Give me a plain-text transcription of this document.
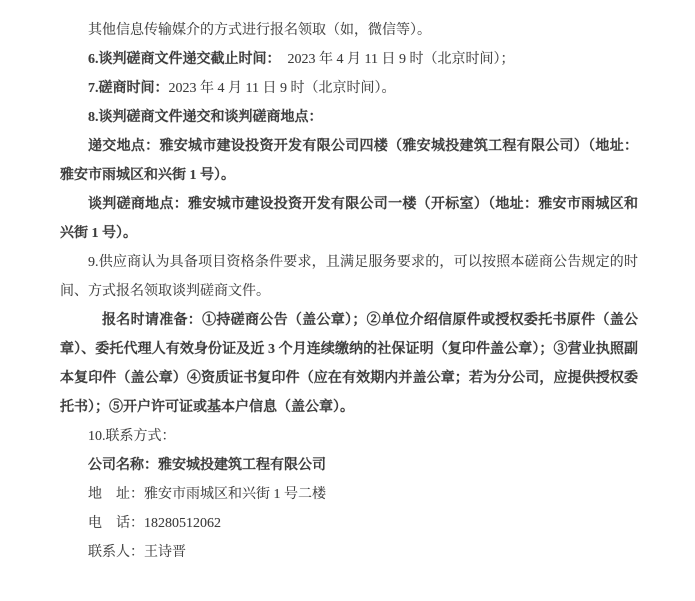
其他信息传输媒介的方式进行报名领取（如，微信等）。

6.谈判磋商文件递交截止时间： 2023 年 4 月 11 日 9 时（北京时间）；

7.磋商时间：2023 年 4 月 11 日 9 时（北京时间）。

8.谈判磋商文件递交和谈判磋商地点：

递交地点：雅安城市建设投资开发有限公司四楼（雅安城投建筑工程有限公司）（地址：雅安市雨城区和兴街 1 号）。

谈判磋商地点：雅安城市建设投资开发有限公司一楼（开标室）（地址：雅安市雨城区和兴街 1 号）。

9.供应商认为具备项目资格条件要求，且满足服务要求的，可以按照本磋商公告规定的时间、方式报名领取谈判磋商文件。

报名时请准备：①持磋商公告（盖公章）；②单位介绍信原件或授权委托书原件（盖公章）、委托代理人有效身份证及近 3 个月连续缴纳的社保证明（复印件盖公章）；③营业执照副本复印件（盖公章）④资质证书复印件（应在有效期内并盖公章；若为分公司，应提供授权委托书）；⑤开户许可证或基本户信息（盖公章）。

10.联系方式：

公司名称：雅安城投建筑工程有限公司

地　址：雅安市雨城区和兴街 1 号二楼

电　话：18280512062

联系人：王诗晋
